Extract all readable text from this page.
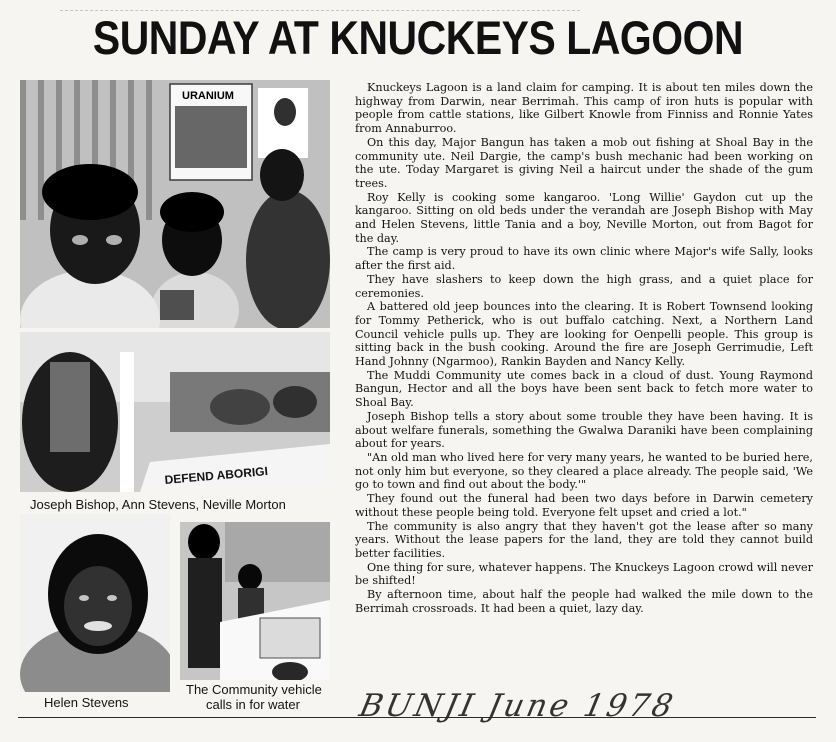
SUNDAY AT KNUCKEYS LAGOON
URANIUM
DEFEND ABORIGI
Joseph Bishop, Ann Stevens, Neville Morton
Helen Stevens
The Community vehicle
calls in for water

Knuckeys Lagoon is a land claim for camping. It is about ten miles down the highway from Darwin, near Berrimah. This camp of iron huts is popular with people from cattle stations, like Gilbert Knowle from Finniss and Ronnie Yates from Annaburroo.

On this day, Major Bangun has taken a mob out fishing at Shoal Bay in the community ute. Neil Dargie, the camp's bush mechanic had been working on the ute. Today Margaret is giving Neil a haircut under the shade of the gum trees.

Roy Kelly is cooking some kangaroo. 'Long Willie' Gaydon cut up the kangaroo. Sitting on old beds under the verandah are Joseph Bishop with May and Helen Stevens, little Tania and a boy, Neville Morton, out from Bagot for the day.

The camp is very proud to have its own clinic where Major's wife Sally, looks after the first aid.

They have slashers to keep down the high grass, and a quiet place for ceremonies.

A battered old jeep bounces into the clearing. It is Robert Townsend looking for Tommy Petherick, who is out buffalo catching. Next, a Northern Land Council vehicle pulls up. They are looking for Oenpelli people. This group is sitting back in the bush cooking. Around the fire are Joseph Gerrimudie, Left Hand Johnny (Ngarmoo), Rankin Bayden and Nancy Kelly.

The Muddi Community ute comes back in a cloud of dust. Young Raymond Bangun, Hector and all the boys have been sent back to fetch more water to Shoal Bay.

Joseph Bishop tells a story about some trouble they have been having. It is about welfare funerals, something the Gwalwa Daraniki have been complaining about for years.

"An old man who lived here for very many years, he wanted to be buried here, not only him but everyone, so they cleared a place already. The people said, 'We go to town and find out about the body.'"

They found out the funeral had been two days before in Darwin cemetery without these people being told. Everyone felt upset and cried a lot."

The community is also angry that they haven't got the lease after so many years. Without the lease papers for the land, they are told they cannot build better facilities.

One thing for sure, whatever happens. The Knuckeys Lagoon crowd will never be shifted!

By afternoon time, about half the people had walked the mile down to the Berrimah crossroads. It had been a quiet, lazy day.

BUNJI June 1978
